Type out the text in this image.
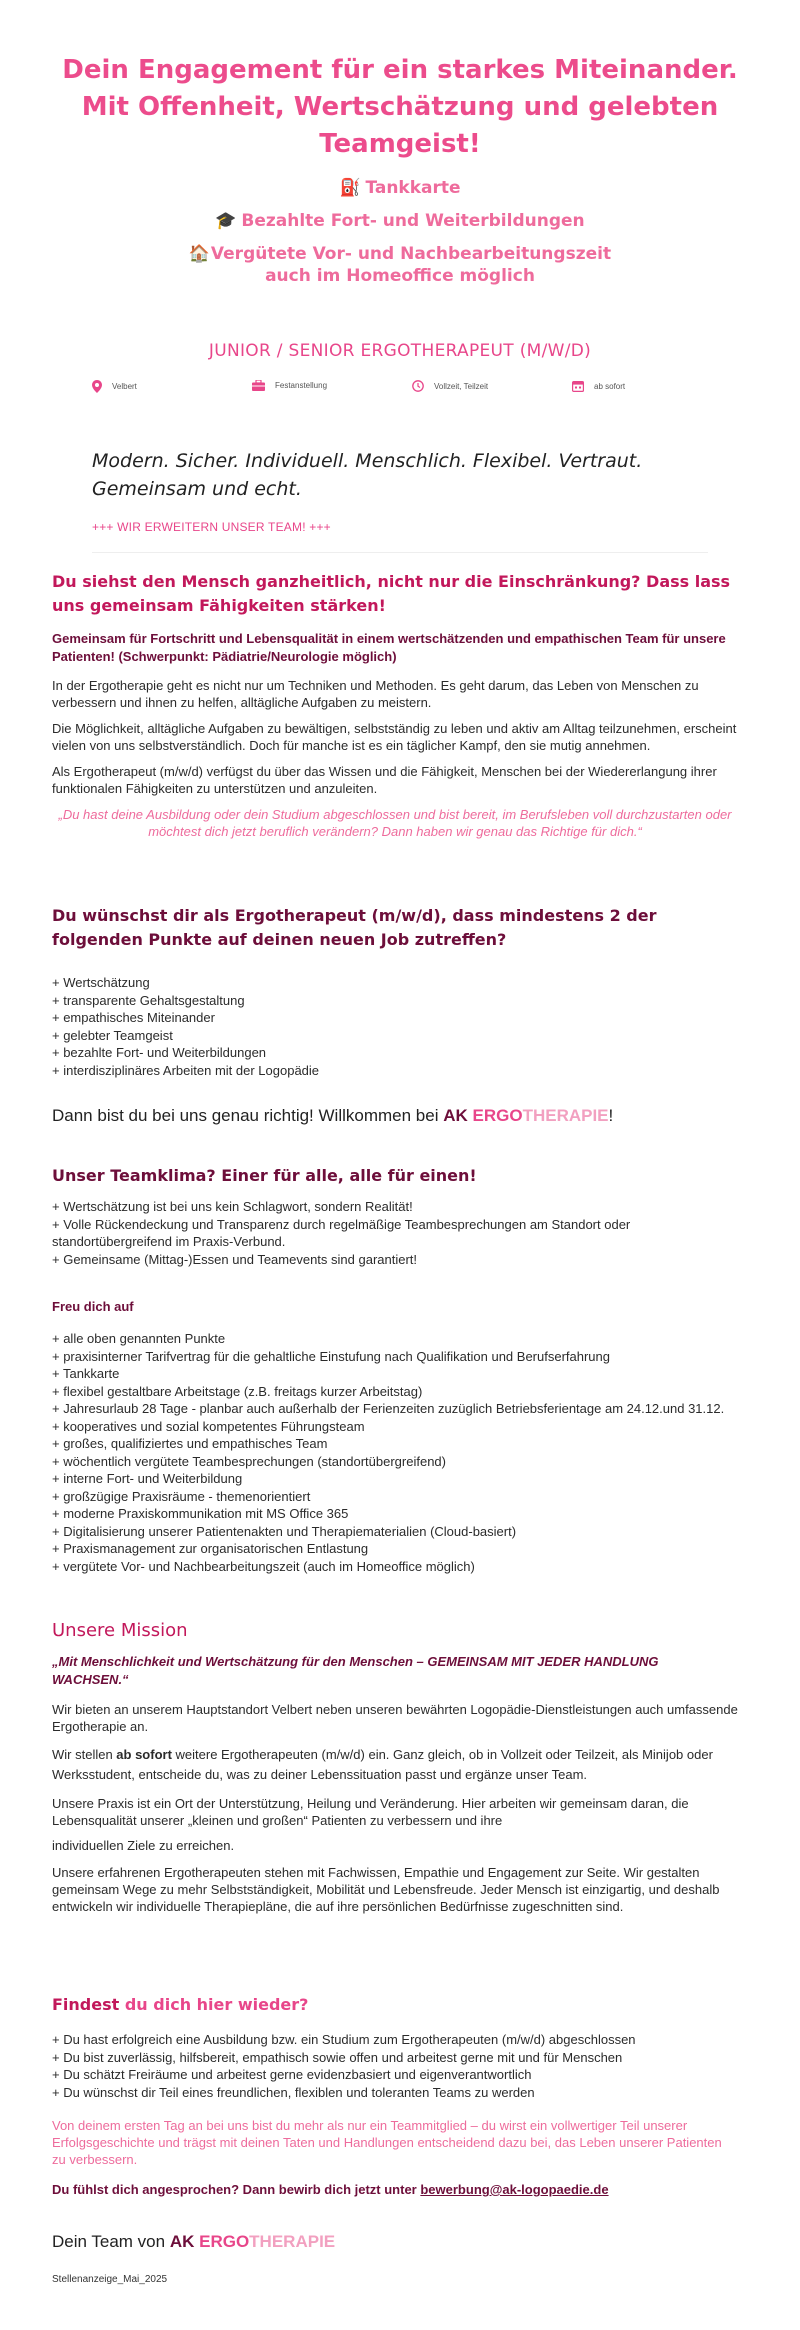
Dein Engagement für ein starkes Miteinander. Mit Offenheit, Wertschätzung und gelebten Teamgeist!
⛽ Tankkarte
🎓 Bezahlte Fort- und Weiterbildungen
🏠Vergütete Vor- und Nachbearbeitungszeit auch im Homeoffice möglich
JUNIOR / SENIOR ERGOTHERAPEUT (M/W/D)
Velbert	Festanstellung	Vollzeit, Teilzeit	ab sofort
Modern. Sicher. Individuell. Menschlich. Flexibel. Vertraut. Gemeinsam und echt.
+++ WIR ERWEITERN UNSER TEAM! +++

Du siehst den Mensch ganzheitlich, nicht nur die Einschränkung? Dass lass uns gemeinsam Fähigkeiten stärken!

Gemeinsam für Fortschritt und Lebensqualität in einem wertschätzenden und empathischen Team für unsere Patienten! (Schwerpunkt: Pädiatrie/Neurologie möglich)

In der Ergotherapie geht es nicht nur um Techniken und Methoden. Es geht darum, das Leben von Menschen zu verbessern und ihnen zu helfen, alltägliche Aufgaben zu meistern.

Die Möglichkeit, alltägliche Aufgaben zu bewältigen, selbstständig zu leben und aktiv am Alltag teilzunehmen, erscheint vielen von uns selbstverständlich. Doch für manche ist es ein täglicher Kampf, den sie mutig annehmen.

Als Ergotherapeut (m/w/d) verfügst du über das Wissen und die Fähigkeit, Menschen bei der Wiedererlangung ihrer funktionalen Fähigkeiten zu unterstützen und anzuleiten.

„Du hast deine Ausbildung oder dein Studium abgeschlossen und bist bereit, im Berufsleben voll durchzustarten oder möchtest dich jetzt beruflich verändern? Dann haben wir genau das Richtige für dich.“

Du wünschst dir als Ergotherapeut (m/w/d), dass mindestens 2 der folgenden Punkte auf deinen neuen Job zutreffen?

+ Wertschätzung
+ transparente Gehaltsgestaltung
+ empathisches Miteinander
+ gelebter Teamgeist
+ bezahlte Fort- und Weiterbildungen
+ interdisziplinäres Arbeiten mit der Logopädie
Dann bist du bei uns genau richtig! Willkommen bei AK ERGOTHERAPIE!

Unser Teamklima? Einer für alle, alle für einen!

+ Wertschätzung ist bei uns kein Schlagwort, sondern Realität!
+ Volle Rückendeckung und Transparenz durch regelmäßige Teambesprechungen am Standort oder standortübergreifend im Praxis-Verbund.
+ Gemeinsame (Mittag-)Essen und Teamevents sind garantiert!

Freu dich auf

+ alle oben genannten Punkte
+ praxisinterner Tarifvertrag für die gehaltliche Einstufung nach Qualifikation und Berufserfahrung
+ Tankkarte
+ flexibel gestaltbare Arbeitstage (z.B. freitags kurzer Arbeitstag)
+ Jahresurlaub 28 Tage - planbar auch außerhalb der Ferienzeiten zuzüglich Betriebsferientage am 24.12.und 31.12.
+ kooperatives und sozial kompetentes Führungsteam
+ großes, qualifiziertes und empathisches Team
+ wöchentlich vergütete Teambesprechungen (standortübergreifend)
+ interne Fort- und Weiterbildung
+ großzügige Praxisräume - themenorientiert
+ moderne Praxiskommunikation mit MS Office 365
+ Digitalisierung unserer Patientenakten und Therapiematerialien (Cloud-basiert)
+ Praxismanagement zur organisatorischen Entlastung
+ vergütete Vor- und Nachbearbeitungszeit (auch im Homeoffice möglich)
Unsere Mission

„Mit Menschlichkeit und Wertschätzung für den Menschen – GEMEINSAM MIT JEDER HANDLUNG WACHSEN.“

Wir bieten an unserem Hauptstandort Velbert neben unseren bewährten Logopädie-Dienstleistungen auch umfassende Ergotherapie an.

Wir stellen ab sofort weitere Ergotherapeuten (m/w/d) ein. Ganz gleich, ob in Vollzeit oder Teilzeit, als Minijob oder Werksstudent, entscheide du, was zu deiner Lebenssituation passt und ergänze unser Team.

Unsere Praxis ist ein Ort der Unterstützung, Heilung und Veränderung. Hier arbeiten wir gemeinsam daran, die Lebensqualität unserer „kleinen und großen“ Patienten zu verbessern und ihre

individuellen Ziele zu erreichen.

Unsere erfahrenen Ergotherapeuten stehen mit Fachwissen, Empathie und Engagement zur Seite. Wir gestalten gemeinsam Wege zu mehr Selbstständigkeit, Mobilität und Lebensfreude. Jeder Mensch ist einzigartig, und deshalb entwickeln wir individuelle Therapiepläne, die auf ihre persönlichen Bedürfnisse zugeschnitten sind.

Findest du dich hier wieder?

+ Du hast erfolgreich eine Ausbildung bzw. ein Studium zum Ergotherapeuten (m/w/d) abgeschlossen
+ Du bist zuverlässig, hilfsbereit, empathisch sowie offen und arbeitest gerne mit und für Menschen
+ Du schätzt Freiräume und arbeitest gerne evidenzbasiert und eigenverantwortlich
+ Du wünschst dir Teil eines freundlichen, flexiblen und toleranten Teams zu werden

Von deinem ersten Tag an bei uns bist du mehr als nur ein Teammitglied – du wirst ein vollwertiger Teil unserer Erfolgsgeschichte und trägst mit deinen Taten und Handlungen entscheidend dazu bei, das Leben unserer Patienten zu verbessern.

Du fühlst dich angesprochen? Dann bewirb dich jetzt unter bewerbung@ak-logopaedie.de

Dein Team von AK ERGOTHERAPIE
Stellenanzeige_Mai_2025
